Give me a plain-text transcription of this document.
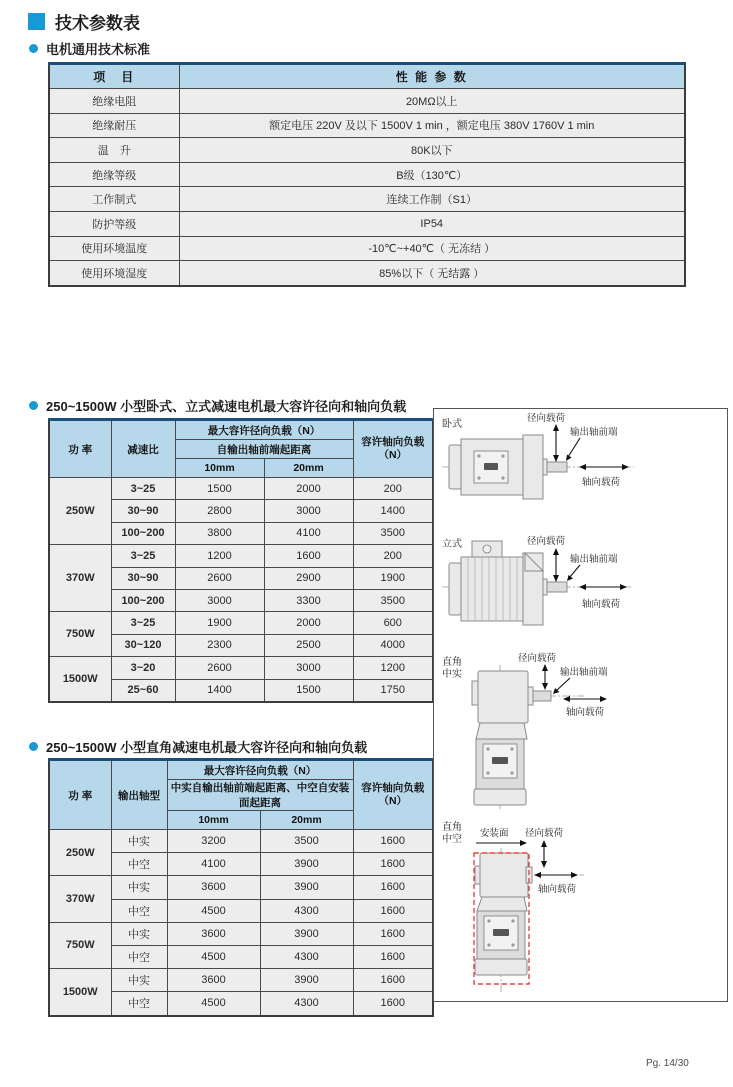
技术参数表
电机通用技术标准
项　目	性 能 参 数
绝缘电阻	20MΩ以上
绝缘耐压	额定电压 220V 及以下 1500V 1 min ，额定电压 380V 1760V 1 min
温　升	80K以下
绝缘等级	B级（130℃）
工作制式	连续工作制（S1）
防护等级	IP54
使用环境温度	-10℃~+40℃（ 无冻结 ）
使用环境湿度	85%以下（ 无结露 ）
250~1500W 小型卧式、立式减速电机最大容许径向和轴向负载
功 率	减速比	最大容许径向负载（N）		容许轴向负载
（N）

		自输出轴前端起距离		
		10mm	20mm	
250W	3~25	1500	2000	200
	30~90	2800	3000	1400
	100~200	3800	4100	3500
370W	3~25	1200	1600	200
	30~90	2600	2900	1900
	100~200	3000	3300	3500
750W	3~25	1900	2000	600
	30~120	2300	2500	4000
1500W	3~20	2600	3000	1200
	25~60	1400	1500	1750
250~1500W 小型直角减速电机最大容许径向和轴向负载
功 率	输出轴型	最大容许径向负载（N）		容许轴向负载
（N）

		中实自输出轴前端起距离、中空自安装面起距离		
		10mm	20mm	
250W	中实	3200	3500	1600
	中空	4100	3900	1600
370W	中实	3600	3900	1600
	中空	4500	4300	1600
750W	中实	3600	3900	1600
	中空	4500	4300	1600
1500W	中实	3600	3900	1600
	中空	4500	4300	1600
卧式
径向载荷
输出轴前端
轴向载荷
立式	径向载荷
输出轴前端
轴向载荷
直角
中实
径向载荷
输出轴前端
轴向载荷
直角
中空
安装面 径向载荷
轴向载荷
Pg. 14/30
